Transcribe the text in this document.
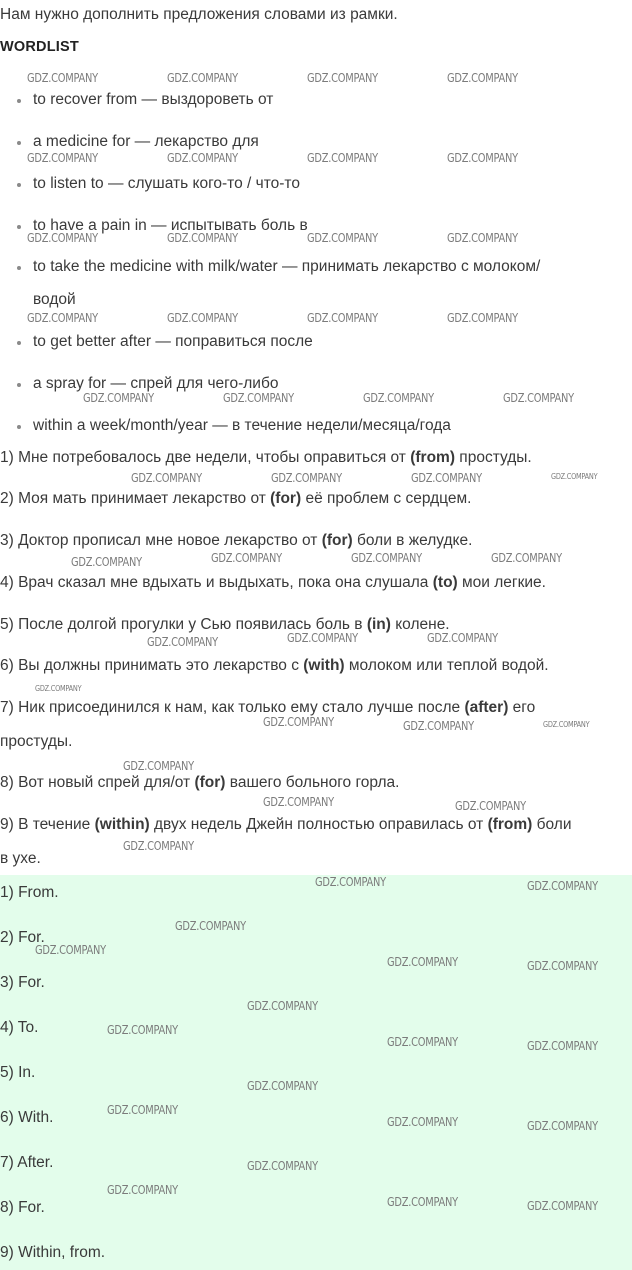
Нам нужно дополнить предложения словами из рамки.

WORDLIST

to recover from — выздороветь от
a medicine for — лекарство для
to listen to — слушать кого-то / что-то
to have a pain in — испытывать боль в
to take the medicine with milk/water — принимать лекарство с молоком/

водой

to get better after — поправиться после
a spray for — спрей для чего-либо
within a week/month/year — в течение недели/месяца/года

1) Мне потребовалось две недели, чтобы оправиться от (from) простуды.

2) Моя мать принимает лекарство от (for) её проблем с сердцем.

3) Доктор прописал мне новое лекарство от (for) боли в желудке.

4) Врач сказал мне вдыхать и выдыхать, пока она слушала (to) мои легкие.

5) После долгой прогулки у Сью появилась боль в (in) колене.

6) Вы должны принимать это лекарство с (with) молоком или теплой водой.

7) Ник присоединился к нам, как только ему стало лучше после (after) его

простуды.

8) Вот новый спрей для/от (for) вашего больного горла.

9) В течение (within) двух недель Джейн полностью оправилась от (from) боли

в ухе.

1) From.

2) For.

3) For.

4) To.

5) In.

6) With.

7) After.

8) For.

9) Within, from.

GDZ.COMPANY	GDZ.COMPANY	GDZ.COMPANY	GDZ.COMPANY
GDZ.COMPANY	GDZ.COMPANY	GDZ.COMPANY	GDZ.COMPANY
GDZ.COMPANY	GDZ.COMPANY	GDZ.COMPANY	GDZ.COMPANY
GDZ.COMPANY	GDZ.COMPANY	GDZ.COMPANY	GDZ.COMPANY
GDZ.COMPANY	GDZ.COMPANY	GDZ.COMPANY	GDZ.COMPANY
GDZ.COMPANY	GDZ.COMPANY	GDZ.COMPANY	GDZ.COMPANY
GDZ.COMPANY	GDZ.COMPANY	GDZ.COMPANY	GDZ.COMPANY
GDZ.COMPANY	GDZ.COMPANY	GDZ.COMPANY
GDZ.COMPANY
GDZ.COMPANY	GDZ.COMPANY	GDZ.COMPANY
GDZ.COMPANY
GDZ.COMPANY	GDZ.COMPANY
GDZ.COMPANY
GDZ.COMPANY	GDZ.COMPANY
GDZ.COMPANY
GDZ.COMPANY
GDZ.COMPANY	GDZ.COMPANY
GDZ.COMPANY
GDZ.COMPANY
GDZ.COMPANY	GDZ.COMPANY
GDZ.COMPANY
GDZ.COMPANY
GDZ.COMPANY	GDZ.COMPANY
GDZ.COMPANY
GDZ.COMPANY
GDZ.COMPANY	GDZ.COMPANY
